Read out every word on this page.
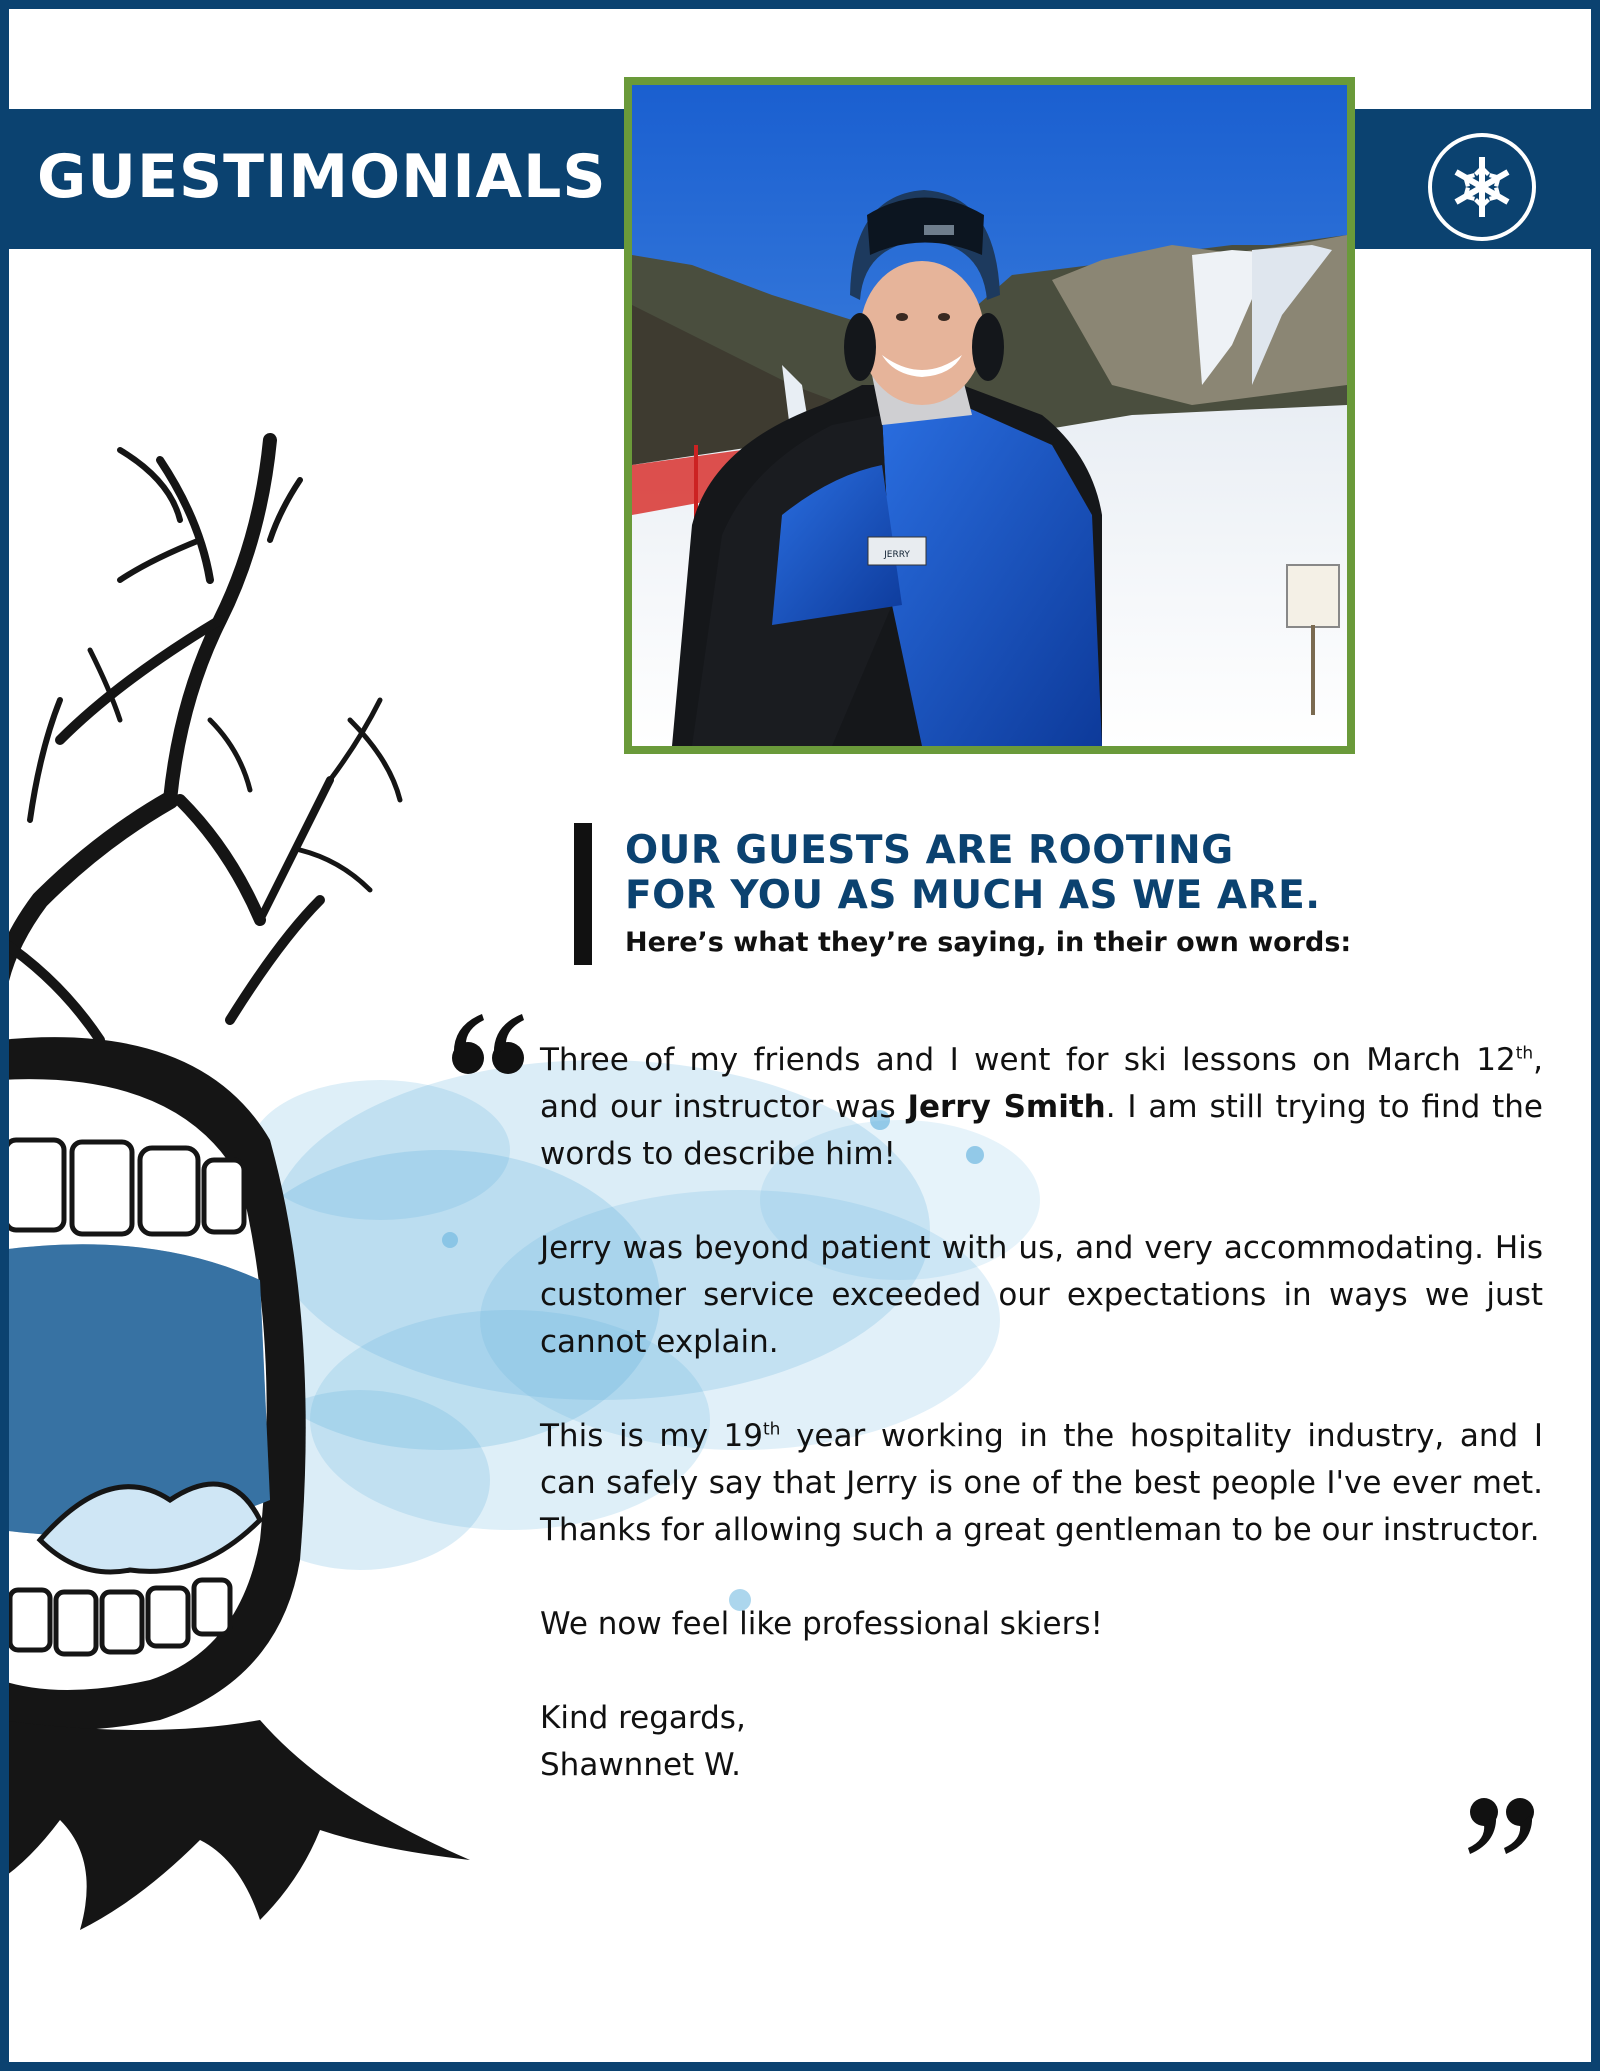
GUESTIMONIALS
JERRY
OUR GUESTS ARE ROOTING
FOR YOU AS MUCH AS WE ARE.

Here’s what they’re saying, in their own words:

Three of my friends and I went for ski lessons on March 12th, and our instructor was Jerry Smith. I am still trying to find the words to describe him!

Jerry was beyond patient with us, and very accommodating. His customer service exceeded our expectations in ways we just cannot explain.

This is my 19th year working in the hospitality industry, and I can safely say that Jerry is one of the best people I've ever met. Thanks for allowing such a great gentleman to be our instructor.

We now feel like professional skiers!

Kind regards,
Shawnnet W.
